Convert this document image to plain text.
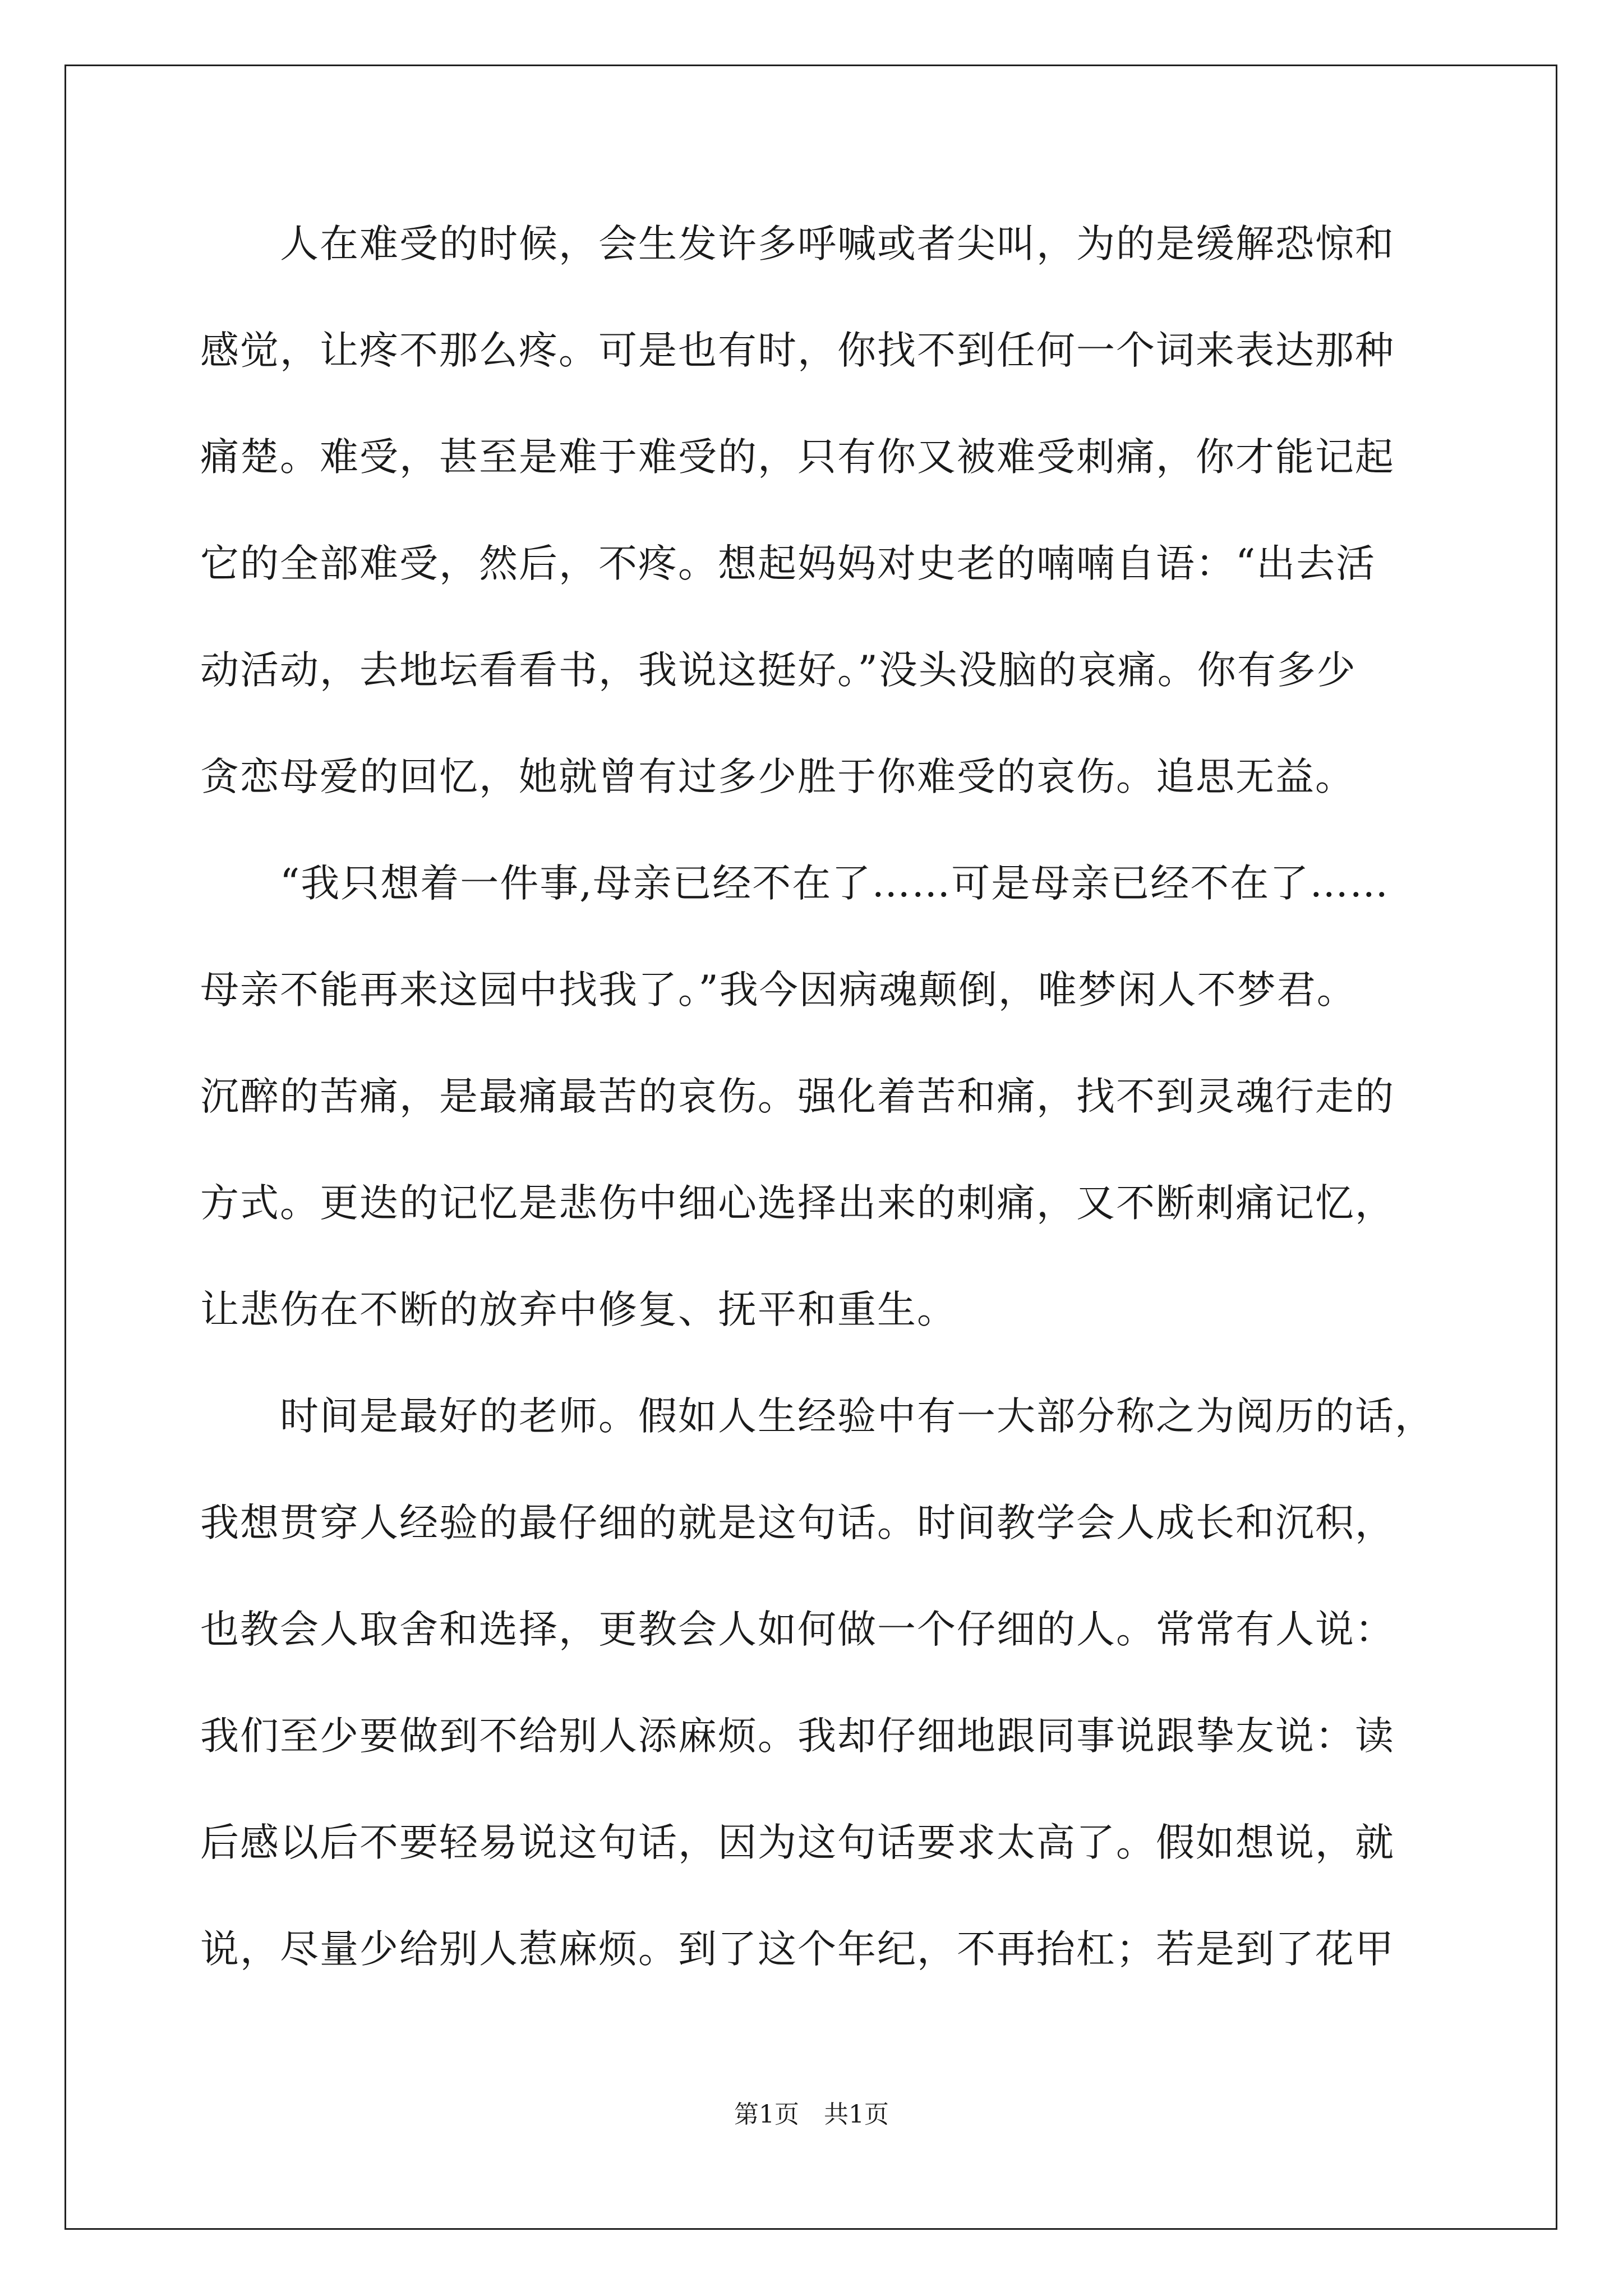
　　人在难受的时候，会生发许多呼喊或者尖叫，为的是缓解恐惊和
感觉，让疼不那么疼。可是也有时，你找不到任何一个词来表达那种
痛楚。难受，甚至是难于难受的，只有你又被难受刺痛，你才能记起
它的全部难受，然后，不疼。想起妈妈对史老的喃喃自语：“出去活
动活动，去地坛看看书，我说这挺好。”没头没脑的哀痛。你有多少
贪恋母爱的回忆，她就曾有过多少胜于你难受的哀伤。追思无益。
　　“我只想着一件事,母亲已经不在了……可是母亲已经不在了……
母亲不能再来这园中找我了。”我今因病魂颠倒，唯梦闲人不梦君。
沉醉的苦痛，是最痛最苦的哀伤。强化着苦和痛，找不到灵魂行走的
方式。更迭的记忆是悲伤中细心选择出来的刺痛，又不断刺痛记忆，
让悲伤在不断的放弃中修复、抚平和重生。
　　时间是最好的老师。假如人生经验中有一大部分称之为阅历的话，
我想贯穿人经验的最仔细的就是这句话。时间教学会人成长和沉积，
也教会人取舍和选择，更教会人如何做一个仔细的人。常常有人说：
我们至少要做到不给别人添麻烦。我却仔细地跟同事说跟挚友说：读
后感以后不要轻易说这句话，因为这句话要求太高了。假如想说，就
说，尽量少给别人惹麻烦。到了这个年纪，不再抬杠；若是到了花甲
第1页　共1页
